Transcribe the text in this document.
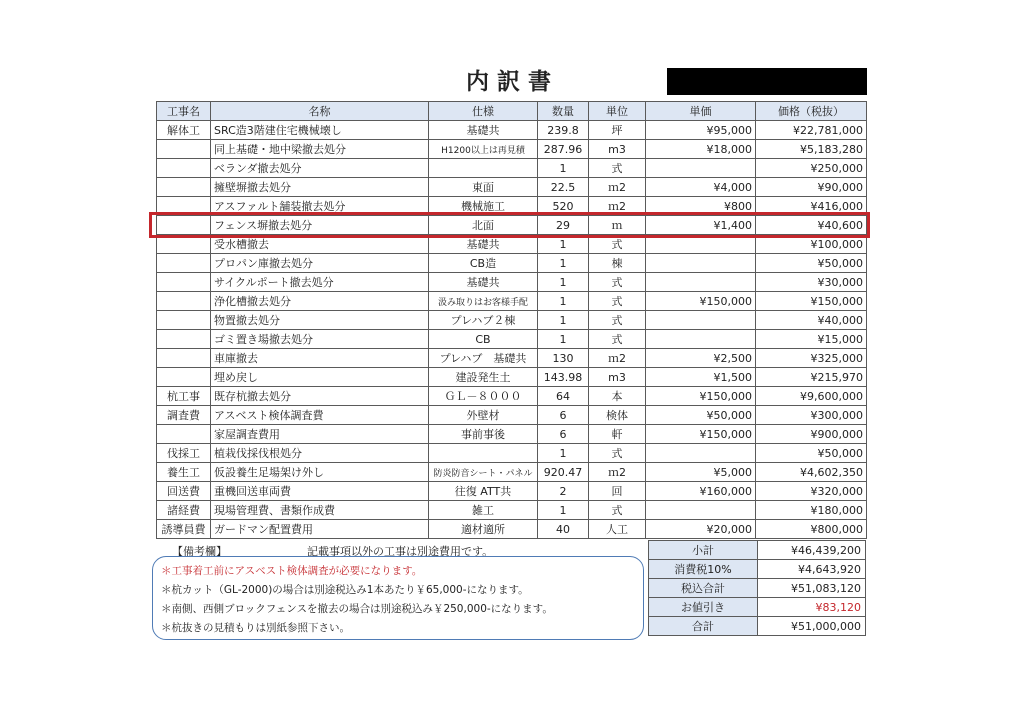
内訳書
工事名	名称	仕様	数量	単位	単価	価格（税抜）
解体工	SRC造3階建住宅機械壊し	基礎共	239.8	坪	¥95,000	¥22,781,000
	同上基礎・地中梁撤去処分	H1200以上は再見積	287.96	m3	¥18,000	¥5,183,280
	ベランダ撤去処分		1	式		¥250,000
	擁壁塀撤去処分	東面	22.5	ｍ2	¥4,000	¥90,000
	アスファルト舗装撤去処分	機械施工	520	ｍ2	¥800	¥416,000
	フェンス塀撤去処分	北面	29	ｍ	¥1,400	¥40,600
	受水槽撤去	基礎共	1	式		¥100,000
	プロパン庫撤去処分	CB造	1	棟		¥50,000
	サイクルポート撤去処分	基礎共	1	式		¥30,000
	浄化槽撤去処分	汲み取りはお客様手配	1	式	¥150,000	¥150,000
	物置撤去処分	プレハブ２棟	1	式		¥40,000
	ゴミ置き場撤去処分	CB	1	式		¥15,000
	車庫撤去	プレハブ　基礎共	130	ｍ2	¥2,500	¥325,000
	埋め戻し	建設発生土	143.98	m3	¥1,500	¥215,970
杭工事	既存杭撤去処分	ＧＬ－８０００	64	本	¥150,000	¥9,600,000
調査費	アスベスト検体調査費	外壁材	6	検体	¥50,000	¥300,000
	家屋調査費用	事前事後	6	軒	¥150,000	¥900,000
伐採工	植栽伐採伐根処分		1	式		¥50,000
養生工	仮設養生足場架け外し	防炎防音シート・パネル	920.47	ｍ2	¥5,000	¥4,602,350
回送費	重機回送車両費	往復 ATT共	2	回	¥160,000	¥320,000
諸経費	現場管理費、書類作成費	雑工	1	式		¥180,000
誘導員費	ガードマン配置費用	適材適所	40	人工	¥20,000	¥800,000
【備考欄】	記載事項以外の工事は別途費用です。
＊工事着工前にアスベスト検体調査が必要になります。
＊杭カット（GL-2000)の場合は別途税込み1本あたり￥65,000-になります。
＊南側、西側ブロックフェンスを撤去の場合は別途税込み￥250,000-になります。
＊杭抜きの見積もりは別紙参照下さい。
小計	¥46,439,200
消費税10%	¥4,643,920
税込合計	¥51,083,120
お値引き	¥83,120
合計	¥51,000,000
